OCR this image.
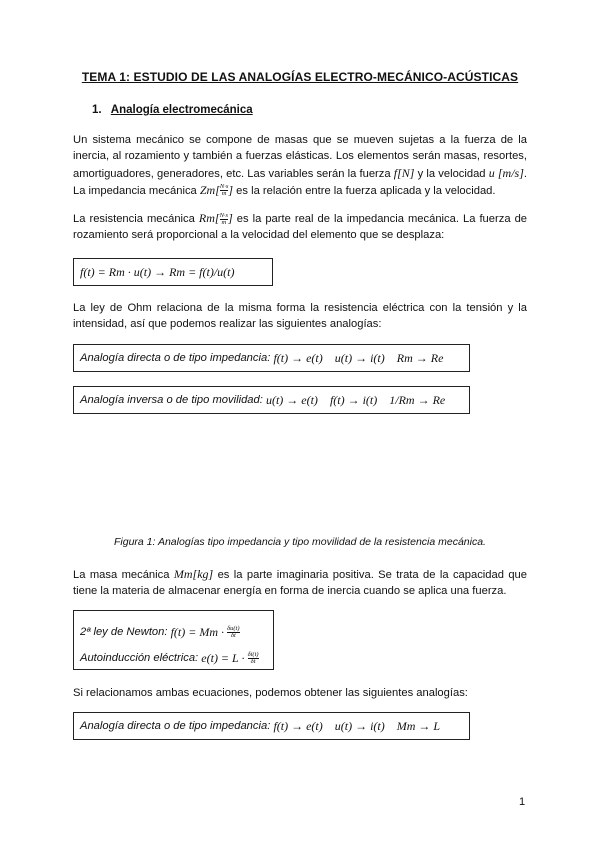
TEMA 1: ESTUDIO DE LAS ANALOGÍAS ELECTRO-MECÁNICO-ACÚSTICAS
1. Analogía electromecánica
Un sistema mecánico se compone de masas que se mueven sujetas a la fuerza de la inercia, al rozamiento y también a fuerzas elásticas. Los elementos serán masas, resortes, amortiguadores, generadores, etc. Las variables serán la fuerza f[N] y la velocidad u [m/s]. La impedancia mecánica $Zm[\frac{N\cdot s}{m}$ ] es la relación entre la fuerza aplicada y la velocidad.
La resistencia mecánica $Rm[\frac{N\cdot s}{m}$ ] es la parte real de la impedancia mecánica. La fuerza de rozamiento será proporcional a la velocidad del elemento que se desplaza:
f(t) = Rm · u(t) → Rm = f(t)/u(t)
La ley de Ohm relaciona de la misma forma la resistencia eléctrica con la tensión y la intensidad, así que podemos realizar las siguientes analogías:
Analogía directa o de tipo impedancia:
f(t) → e(t) u(t) → i(t) Rm → Re
Analogía inversa o de tipo movilidad:
u(t) → e(t) f(t) → i(t) 1/Rm → Re
Figura 1: Analogías tipo impedancia y tipo movilidad de la resistencia mecánica.
La masa mecánica Mm[kg] es la parte imaginaria positiva. Se trata de la capacidad que tiene la materia de almacenar energía en forma de inercia cuando se aplica una fuerza.
2ª ley de Newton:
f(t) = Mm ·
$\frac{\delta u(t)}{\delta t}$
Autoinducción eléctrica:
e(t) = L ·
$\frac{\delta i(t)}{\delta t}$
Si relacionamos ambas ecuaciones, podemos obtener las siguientes analogías:
Analogía directa o de tipo impedancia:
f(t) → e(t) u(t) → i(t) Mm → L
1
